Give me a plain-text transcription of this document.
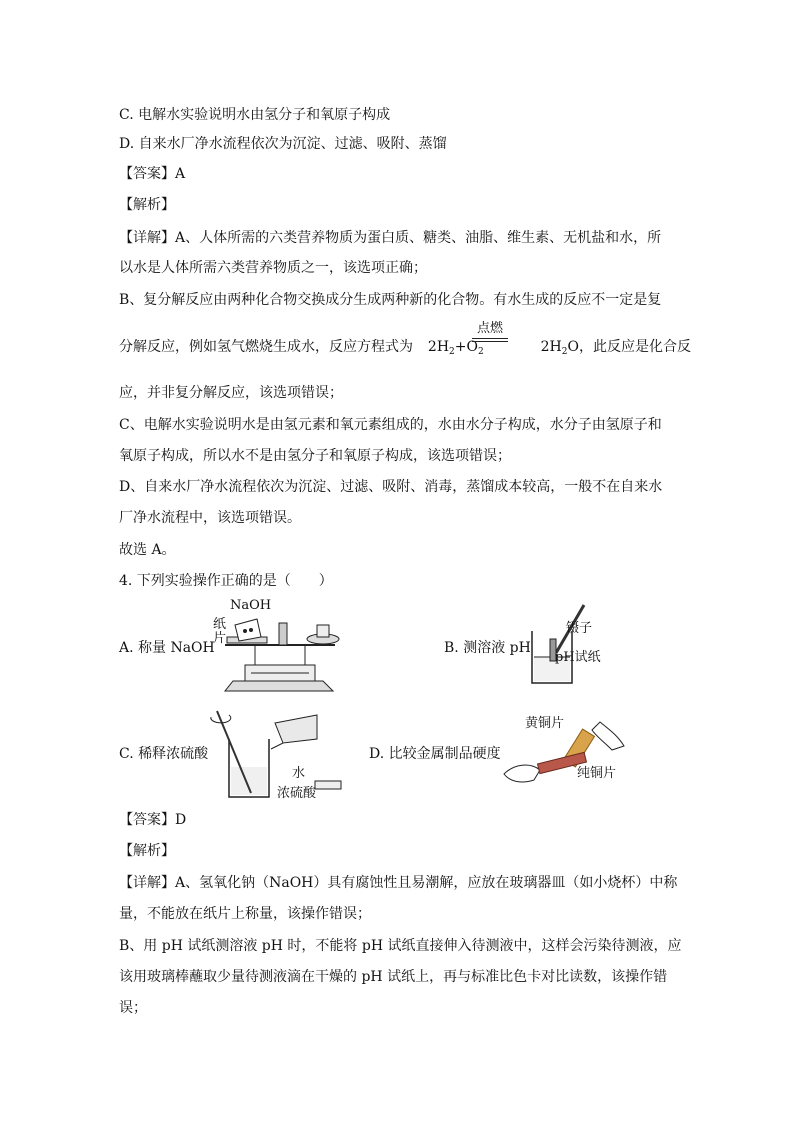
C. 电解水实验说明水由氢分子和氧原子构成
D. 自来水厂净水流程依次为沉淀、过滤、吸附、蒸馏
【答案】A
【解析】
【详解】A、人体所需的六类营养物质为蛋白质、糖类、油脂、维生素、无机盐和水，所
以水是人体所需六类营养物质之一，该选项正确；
B、复分解反应由两种化合物交换成分生成两种新的化合物。有水生成的反应不一定是复
分解反应，例如氢气燃烧生成水，反应方程式为 $2H_2+O_2$	$2H_2O$，此反应是化合反
点燃
应，并非复分解反应，该选项错误；
C、电解水实验说明水是由氢元素和氧元素组成的，水由水分子构成，水分子由氢原子和
氧原子构成，所以水不是由氢分子和氧原子构成，该选项错误；
D、自来水厂净水流程依次为沉淀、过滤、吸附、消毒，蒸馏成本较高，一般不在自来水
厂净水流程中，该选项错误。
故选 A。
4. 下列实验操作正确的是（　　）
A. 称量 NaOH
NaOH
纸
片
B. 测溶液 pH
镊子
pH试纸
C. 稀释浓硫酸
水
浓硫酸
D. 比较金属制品硬度
黄铜片
纯铜片
【答案】D
【解析】
【详解】A、氢氧化钠（NaOH）具有腐蚀性且易潮解，应放在玻璃器皿（如小烧杯）中称
量，不能放在纸片上称量，该操作错误；
B、用 pH 试纸测溶液 pH 时，不能将 pH 试纸直接伸入待测液中，这样会污染待测液，应
该用玻璃棒蘸取少量待测液滴在干燥的 pH 试纸上，再与标准比色卡对比读数，该操作错
误；
